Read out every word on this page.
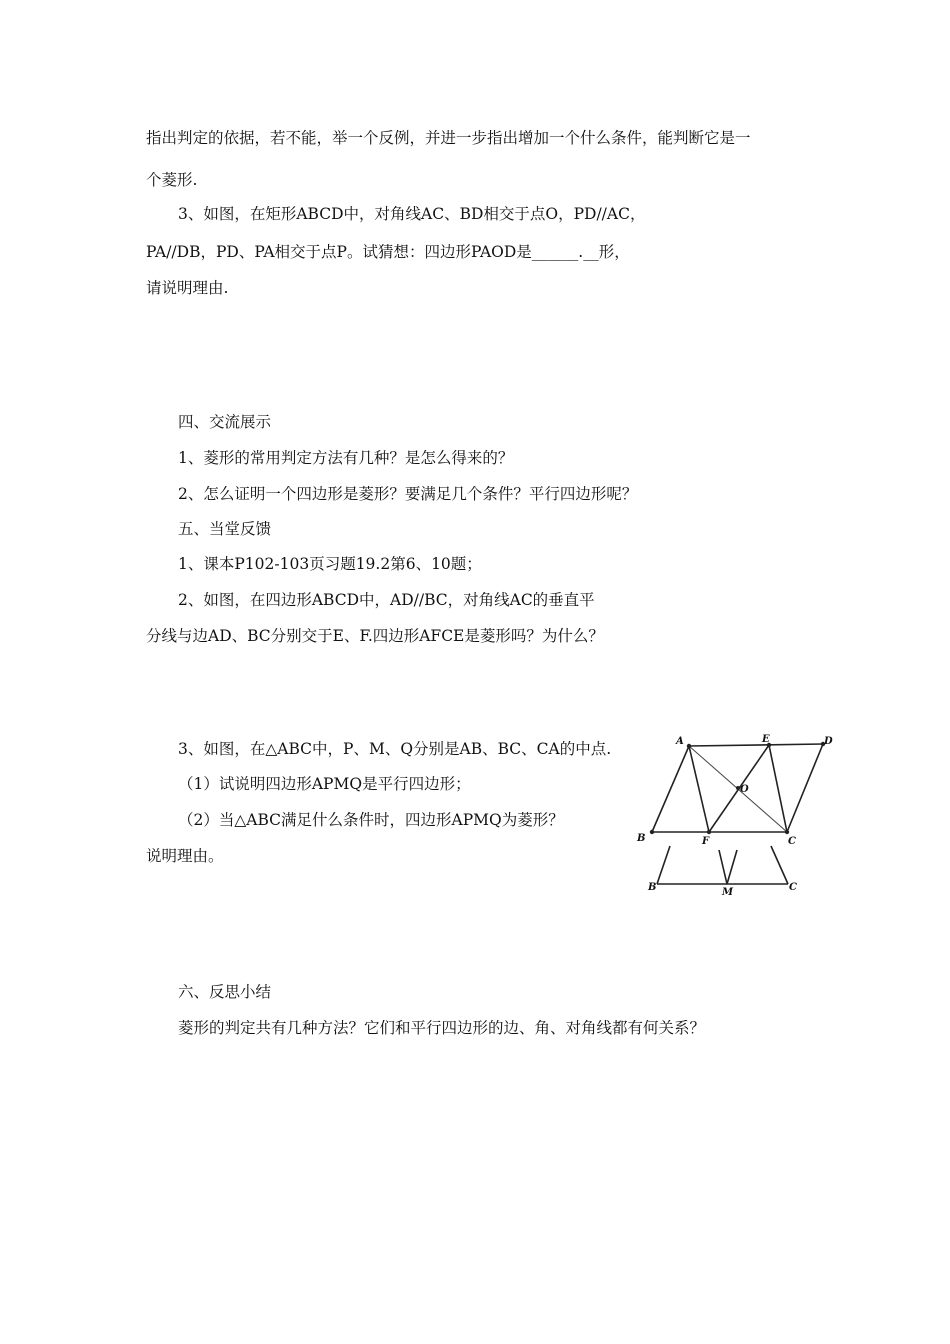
指出判定的依据，若不能，举一个反例，并进一步指出增加一个什么条件，能判断它是一
个菱形.
3、如图，在矩形ABCD中，对角线AC、BD相交于点O，PD//AC，
PA//DB，PD、PA相交于点P。试猜想：四边形PAOD是______.__形，
请说明理由.
四、交流展示
1、菱形的常用判定方法有几种？是怎么得来的？
2、怎么证明一个四边形是菱形？要满足几个条件？平行四边形呢？
五、当堂反馈
1、课本P102-103页习题19.2第6、10题；
2、如图，在四边形ABCD中，AD//BC，对角线AC的垂直平
分线与边AD、BC分别交于E、F.四边形AFCE是菱形吗？为什么？
3、如图，在△ABC中，P、M、Q分别是AB、BC、CA的中点.
（1）试说明四边形APMQ是平行四边形；
（2）当△ABC满足什么条件时，四边形APMQ为菱形？
说明理由。
六、反思小结
菱形的判定共有几种方法？它们和平行四边形的边、角、对角线都有何关系？
A	E	D
O
B	F	C
B	M	C
